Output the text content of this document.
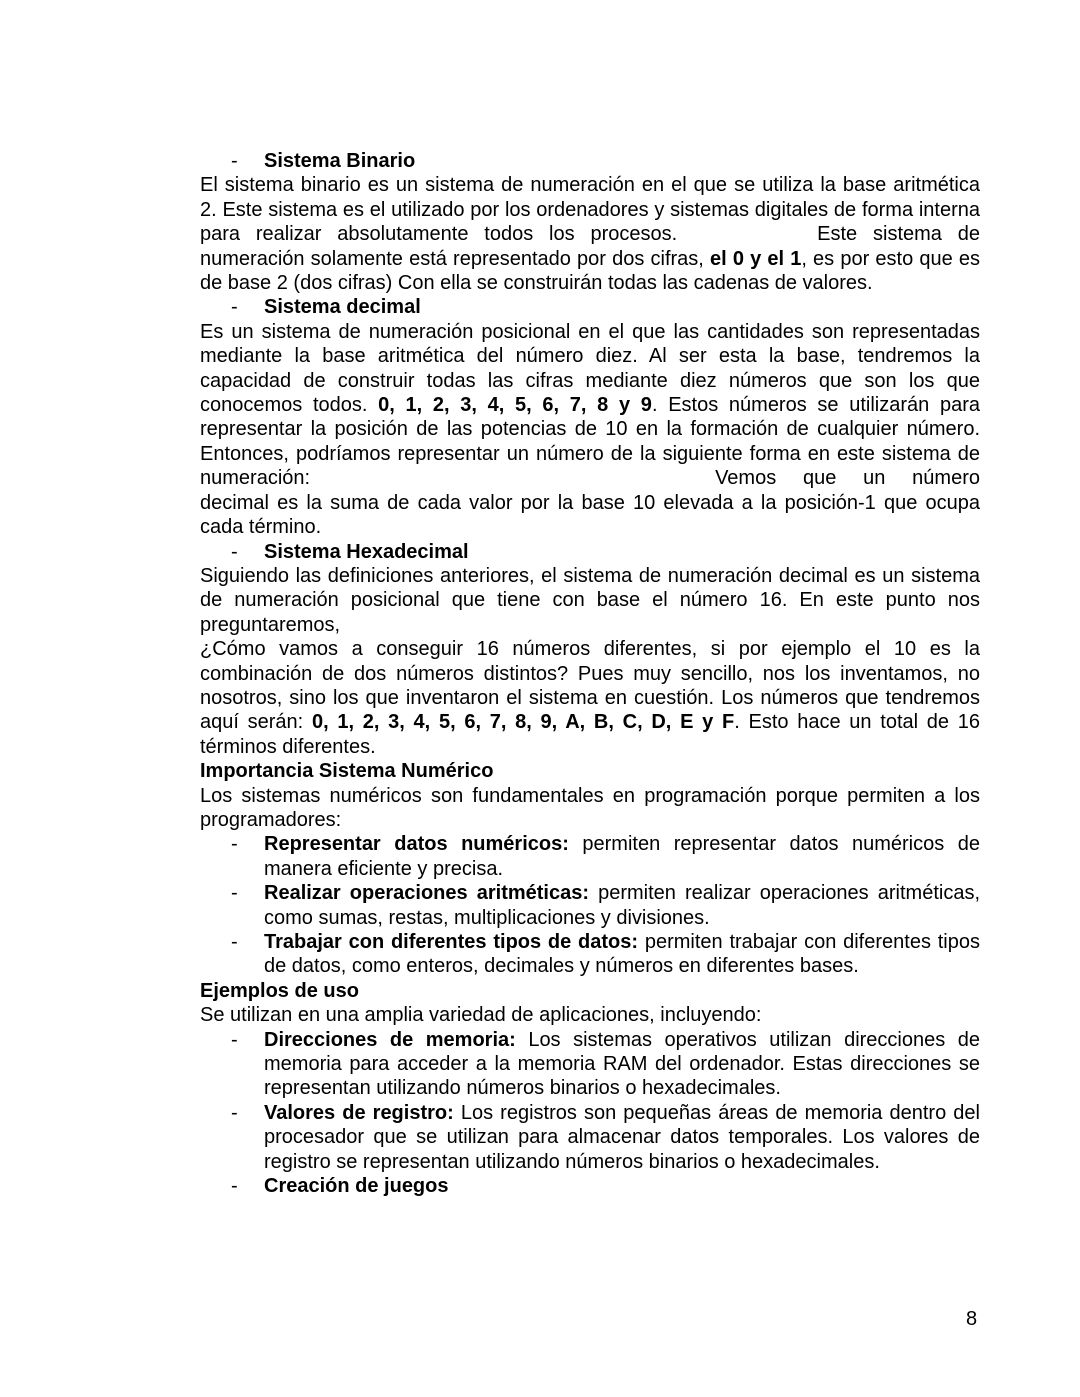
- Sistema Binario

El sistema binario es un sistema de numeración en el que se utiliza la base aritmética 2. Este sistema es el utilizado por los ordenadores y sistemas digitales de forma interna para realizar absolutamente todos los procesos.	Este sistema de numeración solamente está representado por dos cifras, el 0 y el 1, es por esto que es de base 2 (dos cifras) Con ella se construirán todas las cadenas de valores.

- Sistema decimal

Es un sistema de numeración posicional en el que las cantidades son representadas mediante la base aritmética del número diez. Al ser esta la base, tendremos la capacidad de construir todas las cifras mediante diez números que son los que conocemos todos. 0, 1, 2, 3, 4, 5, 6, 7, 8 y 9. Estos números se utilizarán para representar la posición de las potencias de 10 en la formación de cualquier número. Entonces, podríamos representar un número de la siguiente forma en este sistema de numeración:	Vemos que un número decimal es la suma de cada valor por la base 10 elevada a la posición-1 que ocupa cada término.

- Sistema Hexadecimal

Siguiendo las definiciones anteriores, el sistema de numeración decimal es un sistema de numeración posicional que tiene con base el número 16. En este punto nos preguntaremos,

¿Cómo vamos a conseguir 16 números diferentes, si por ejemplo el 10 es la combinación de dos números distintos? Pues muy sencillo, nos los inventamos, no nosotros, sino los que inventaron el sistema en cuestión. Los números que tendremos aquí serán: 0, 1, 2, 3, 4, 5, 6, 7, 8, 9, A, B, C, D, E y F. Esto hace un total de 16 términos diferentes.

Importancia Sistema Numérico

Los sistemas numéricos son fundamentales en programación porque permiten a los programadores:

- Representar datos numéricos: permiten representar datos numéricos de manera eficiente y precisa.

- Realizar operaciones aritméticas: permiten realizar operaciones aritméticas, como sumas, restas, multiplicaciones y divisiones.

- Trabajar con diferentes tipos de datos: permiten trabajar con diferentes tipos de datos, como enteros, decimales y números en diferentes bases.

Ejemplos de uso

Se utilizan en una amplia variedad de aplicaciones, incluyendo:

- Direcciones de memoria: Los sistemas operativos utilizan direcciones de memoria para acceder a la memoria RAM del ordenador. Estas direcciones se representan utilizando números binarios o hexadecimales.

- Valores de registro: Los registros son pequeñas áreas de memoria dentro del procesador que se utilizan para almacenar datos temporales. Los valores de registro se representan utilizando números binarios o hexadecimales.

- Creación de juegos

8
